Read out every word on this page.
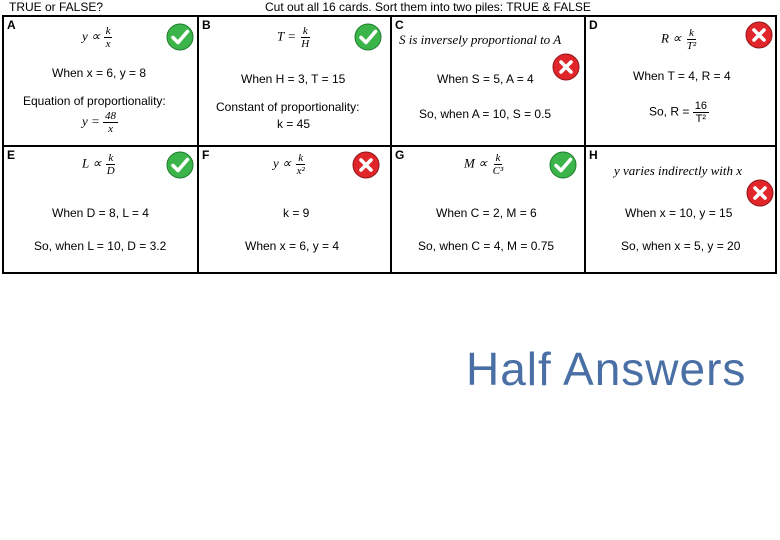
TRUE or FALSE?	Cut out all 16 cards. Sort them into two piles: TRUE & FALSE
A
$y \propto \frac{k}{x}$
When x = 6, y = 8
Equation of proportionality:
$y = \frac{48}{x}$
B
$T = \frac{k}{H}$
When H = 3, T = 15
Constant of proportionality:
k = 45
C
S is inversely proportional to A
When S = 5, A = 4
So, when A = 10, S = 0.5
D
$R \propto \frac{k}{\text{T²}}$
When T = 4, R = 4
So, $R = \frac{16}{\text{T²}}$
E
$L \propto \frac{k}{D}$
When D = 8, L = 4
So, when L = 10, D = 3.2
F
$y \propto \frac{k}{\text{x²}}$
k = 9
When x = 6, y = 4
G
$M \propto \frac{k}{\text{C³}}$
When C = 2, M = 6
So, when C = 4, M = 0.75
H
y varies indirectly with x
When x = 10, y = 15
So, when x = 5, y = 20
Half Answers
